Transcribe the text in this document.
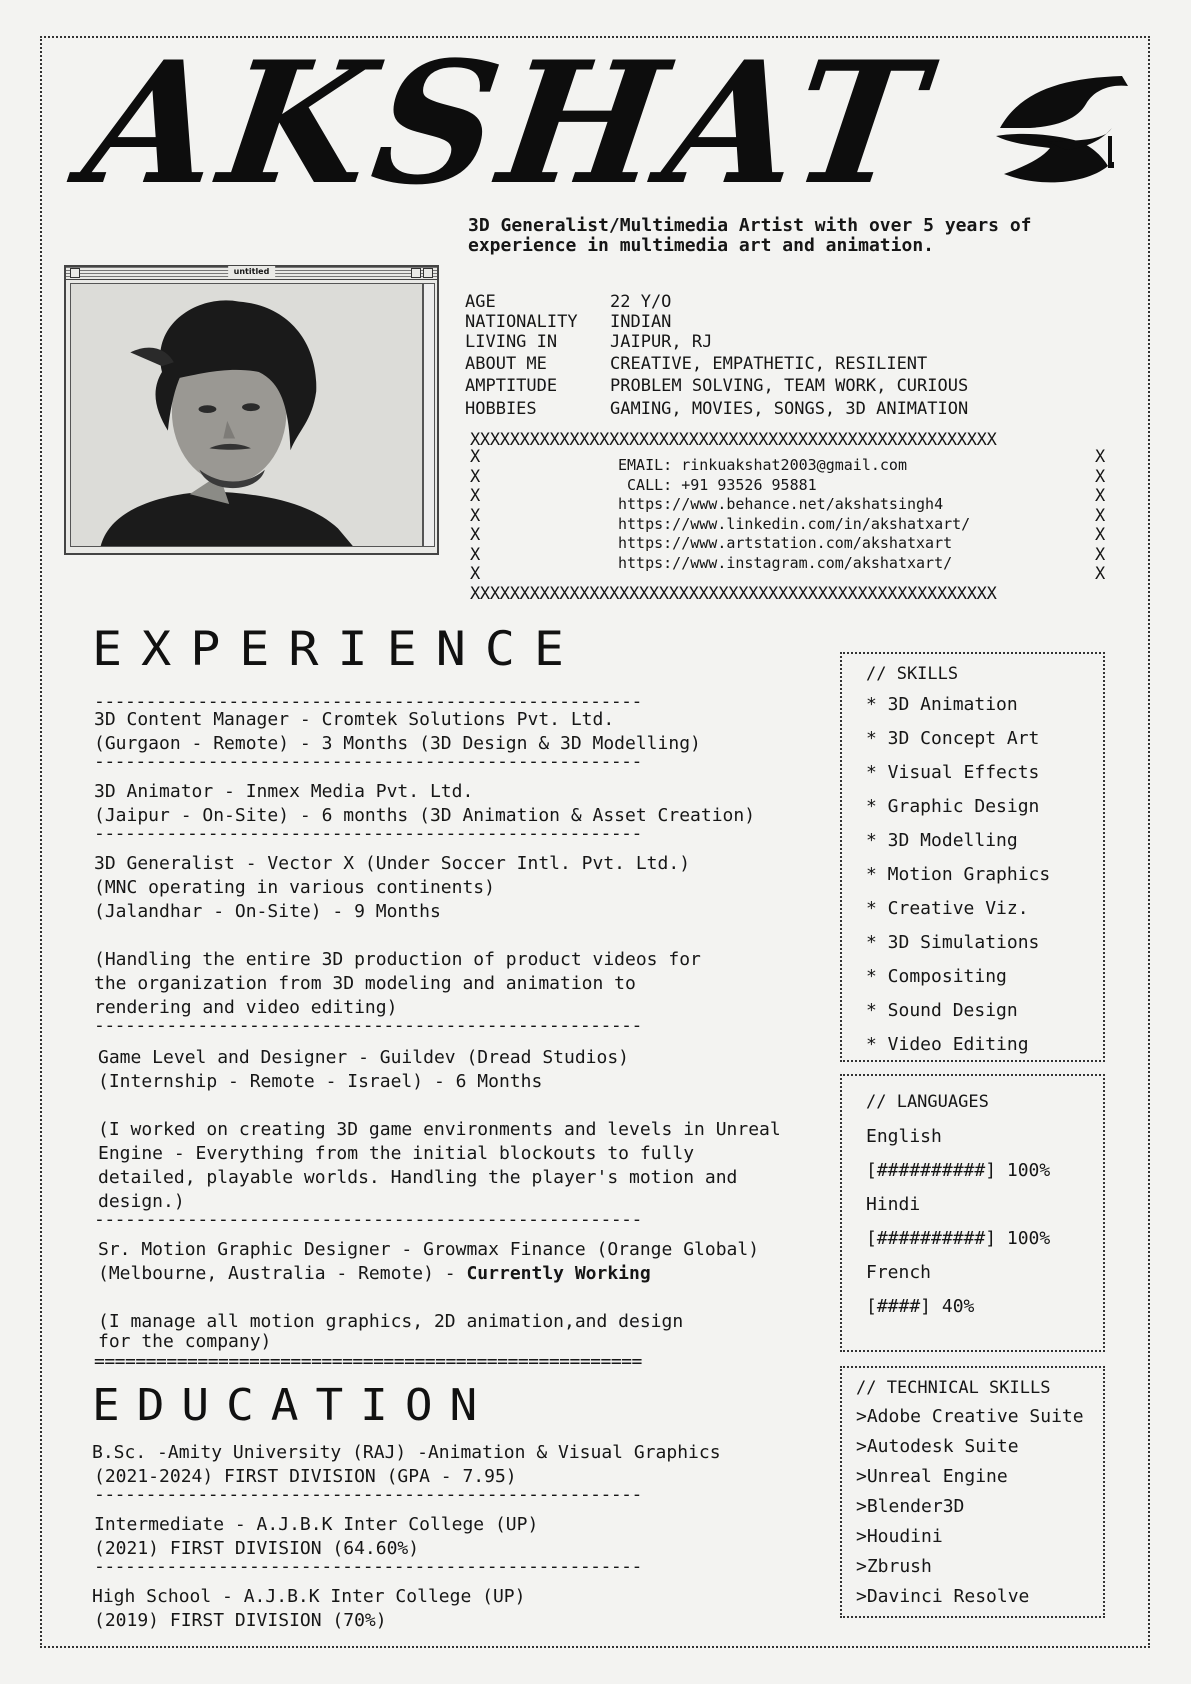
AKSHAT
3D Generalist/Multimedia Artist with over 5 years of
experience in multimedia art and animation.
untitled
AGE	22 Y/O
NATIONALITY INDIAN
LIVING IN	JAIPUR, RJ
ABOUT ME	CREATIVE, EMPATHETIC, RESILIENT
AMPTITUDE	PROBLEM SOLVING, TEAM WORK, CURIOUS
HOBBIES	GAMING, MOVIES, SONGS, 3D ANIMATION
XXXXXXXXXXXXXXXXXXXXXXXXXXXXXXXXXXXXXXXXXXXXXXXXXXXXX
X
X
X
X
X
X
X
X
X
X
X
X
X
X
EMAIL: rinkuakshat2003@gmail.com
CALL: +91 93526 95881
https://www.behance.net/akshatsingh4
https://www.linkedin.com/in/akshatxart/
https://www.artstation.com/akshatxart
https://www.instagram.com/akshatxart/
XXXXXXXXXXXXXXXXXXXXXXXXXXXXXXXXXXXXXXXXXXXXXXXXXXXXX
EXPERIENCE
-----------------------------------------------------
3D Content Manager - Cromtek Solutions Pvt. Ltd.
(Gurgaon - Remote) - 3 Months (3D Design & 3D Modelling)
-----------------------------------------------------
3D Animator - Inmex Media Pvt. Ltd.
(Jaipur - On-Site) - 6 months (3D Animation & Asset Creation)
-----------------------------------------------------
3D Generalist - Vector X (Under Soccer Intl. Pvt. Ltd.)
(MNC operating in various continents)
(Jalandhar - On-Site) - 9 Months
(Handling the entire 3D production of product videos for
the organization from 3D modeling and animation to
rendering and video editing)
-----------------------------------------------------
Game Level and Designer - Guildev (Dread Studios)
(Internship - Remote - Israel) - 6 Months
(I worked on creating 3D game environments and levels in Unreal
Engine - Everything from the initial blockouts to fully
detailed, playable worlds. Handling the player's motion and
design.)
-----------------------------------------------------
Sr. Motion Graphic Designer - Growmax Finance (Orange Global)
(Melbourne, Australia - Remote) - Currently Working
(I manage all motion graphics, 2D animation,and design
for the company)
=====================================================
EDUCATION
B.Sc. -Amity University (RAJ) -Animation & Visual Graphics
(2021-2024) FIRST DIVISION (GPA - 7.95)
-----------------------------------------------------
Intermediate - A.J.B.K Inter College (UP)
(2021) FIRST DIVISION (64.60%)
-----------------------------------------------------
High School - A.J.B.K Inter College (UP)
(2019) FIRST DIVISION (70%)
// SKILLS
* 3D Animation
* 3D Concept Art
* Visual Effects
* Graphic Design
* 3D Modelling
* Motion Graphics
* Creative Viz.
* 3D Simulations
* Compositing
* Sound Design
* Video Editing
// LANGUAGES
English
[##########] 100%
Hindi
[##########] 100%
French
[####] 40%
// TECHNICAL SKILLS
>Adobe Creative Suite
>Autodesk Suite
>Unreal Engine
>Blender3D
>Houdini
>Zbrush
>Davinci Resolve
